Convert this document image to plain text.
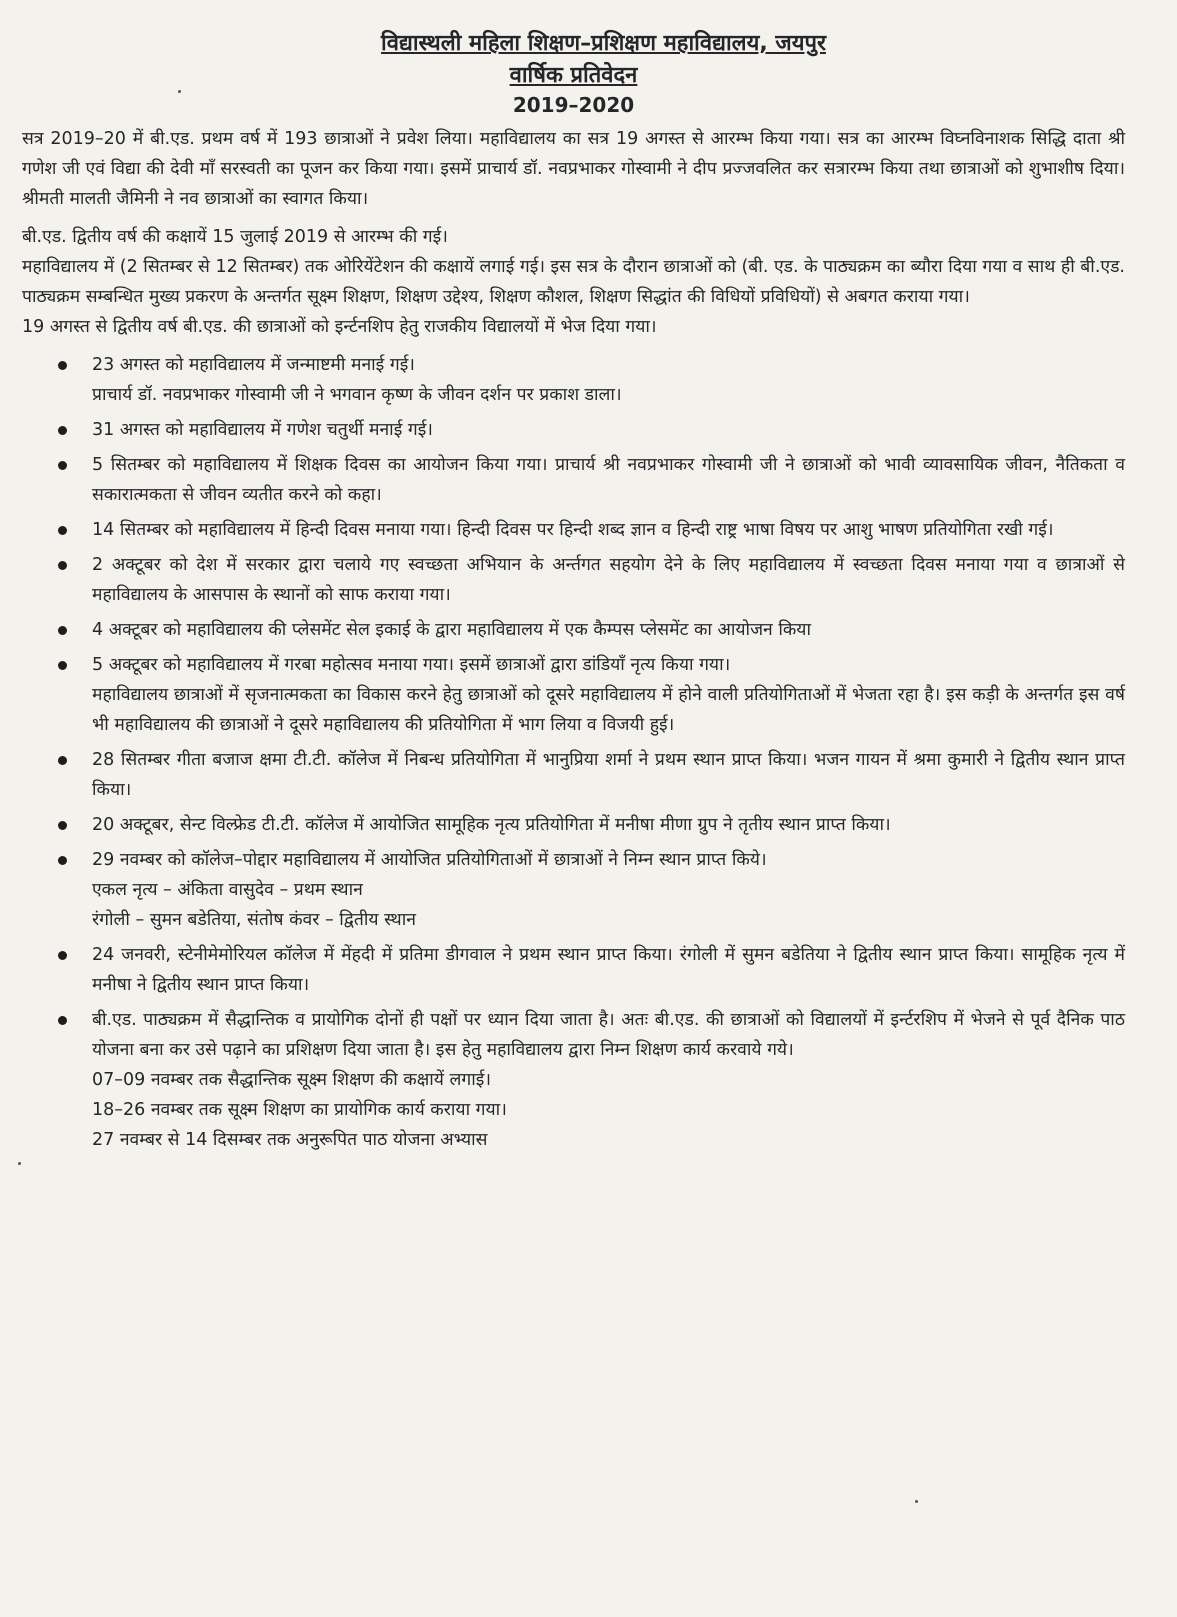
विद्यास्थली महिला शिक्षण–प्रशिक्षण महाविद्यालय, जयपुर
वार्षिक प्रतिवेदन
2019–2020

सत्र 2019–20 में बी.एड. प्रथम वर्ष में 193 छात्राओं ने प्रवेश लिया। महाविद्यालय का सत्र 19 अगस्त से आरम्भ किया गया। सत्र का आरम्भ विघ्नविनाशक सिद्धि दाता श्री गणेश जी एवं विद्या की देवी माँ सरस्वती का पूजन कर किया गया। इसमें प्राचार्य डॉ. नवप्रभाकर गोस्वामी ने दीप प्रज्जवलित कर सत्रारम्भ किया तथा छात्राओं को शुभाशीष दिया। श्रीमती मालती जैमिनी ने नव छात्राओं का स्वागत किया।

बी.एड. द्वितीय वर्ष की कक्षायें 15 जुलाई 2019 से आरम्भ की गई।

महाविद्यालय में (2 सितम्बर से 12 सितम्बर) तक ओरियेंटेशन की कक्षायें लगाई गई। इस सत्र के दौरान छात्राओं को (बी. एड. के पाठ्यक्रम का ब्यौरा दिया गया व साथ ही बी.एड. पाठ्यक्रम सम्बन्धित मुख्य प्रकरण के अन्तर्गत सूक्ष्म शिक्षण, शिक्षण उद्देश्य, शिक्षण कौशल, शिक्षण सिद्धांत की विधियों प्रविधियों) से अबगत कराया गया।

19 अगस्त से द्वितीय वर्ष बी.एड. की छात्राओं को इर्न्टनशिप हेतु राजकीय विद्यालयों में भेज दिया गया।

23 अगस्त को महाविद्यालय में जन्माष्टमी मनाई गई।
प्राचार्य डॉ. नवप्रभाकर गोस्वामी जी ने भगवान कृष्ण के जीवन दर्शन पर प्रकाश डाला।
31 अगस्त को महाविद्यालय में गणेश चतुर्थी मनाई गई।
5 सितम्बर को महाविद्यालय में शिक्षक दिवस का आयोजन किया गया। प्राचार्य श्री नवप्रभाकर गोस्वामी जी ने छात्राओं को भावी व्यावसायिक जीवन, नैतिकता व सकारात्मकता से जीवन व्यतीत करने को कहा।
14 सितम्बर को महाविद्यालय में हिन्दी दिवस मनाया गया। हिन्दी दिवस पर हिन्दी शब्द ज्ञान व हिन्दी राष्ट्र भाषा विषय पर आशु भाषण प्रतियोगिता रखी गई।
2 अक्टूबर को देश में सरकार द्वारा चलाये गए स्वच्छता अभियान के अर्न्तगत सहयोग देने के लिए महाविद्यालय में स्वच्छता दिवस मनाया गया व छात्राओं से महाविद्यालय के आसपास के स्थानों को साफ कराया गया।
4 अक्टूबर को महाविद्यालय की प्लेसमेंट सेल इकाई के द्वारा महाविद्यालय में एक कैम्पस प्लेसमेंट का आयोजन किया
5 अक्टूबर को महाविद्यालय में गरबा महोत्सव मनाया गया। इसमें छात्राओं द्वारा डांडियाँ नृत्य किया गया।
महाविद्यालय छात्राओं में सृजनात्मकता का विकास करने हेतु छात्राओं को दूसरे महाविद्यालय में होने वाली प्रतियोगिताओं में भेजता रहा है। इस कड़ी के अन्तर्गत इस वर्ष भी महाविद्यालय की छात्राओं ने दूसरे महाविद्यालय की प्रतियोगिता में भाग लिया व विजयी हुई।
28 सितम्बर गीता बजाज क्षमा टी.टी. कॉलेज में निबन्ध प्रतियोगिता में भानुप्रिया शर्मा ने प्रथम स्थान प्राप्त किया। भजन गायन में श्रमा कुमारी ने द्वितीय स्थान प्राप्त किया।
20 अक्टूबर, सेन्ट विल्फ्रेड टी.टी. कॉलेज में आयोजित सामूहिक नृत्य प्रतियोगिता में मनीषा मीणा ग्रुप ने तृतीय स्थान प्राप्त किया।
29 नवम्बर को कॉलेज–पोद्दार महाविद्यालय में आयोजित प्रतियोगिताओं में छात्राओं ने निम्न स्थान प्राप्त किये।
एकल नृत्य – अंकिता वासुदेव – प्रथम स्थान
रंगोली – सुमन बडेतिया, संतोष कंवर – द्वितीय स्थान
24 जनवरी, स्टेनीमेमोरियल कॉलेज में मेंहदी में प्रतिमा डीगवाल ने प्रथम स्थान प्राप्त किया। रंगोली में सुमन बडेतिया ने द्वितीय स्थान प्राप्त किया। सामूहिक नृत्य में मनीषा ने द्वितीय स्थान प्राप्त किया।
बी.एड. पाठ्यक्रम में सैद्धान्तिक व प्रायोगिक दोनों ही पक्षों पर ध्यान दिया जाता है। अतः बी.एड. की छात्राओं को विद्यालयों में इर्न्टरशिप में भेजने से पूर्व दैनिक पाठ योजना बना कर उसे पढ़ाने का प्रशिक्षण दिया जाता है। इस हेतु महाविद्यालय द्वारा निम्न शिक्षण कार्य करवाये गये।
07–09 नवम्बर तक सैद्धान्तिक सूक्ष्म शिक्षण की कक्षायें लगाई।
18–26 नवम्बर तक सूक्ष्म शिक्षण का प्रायोगिक कार्य कराया गया।
27 नवम्बर से 14 दिसम्बर तक अनुरूपित पाठ योजना अभ्यास
